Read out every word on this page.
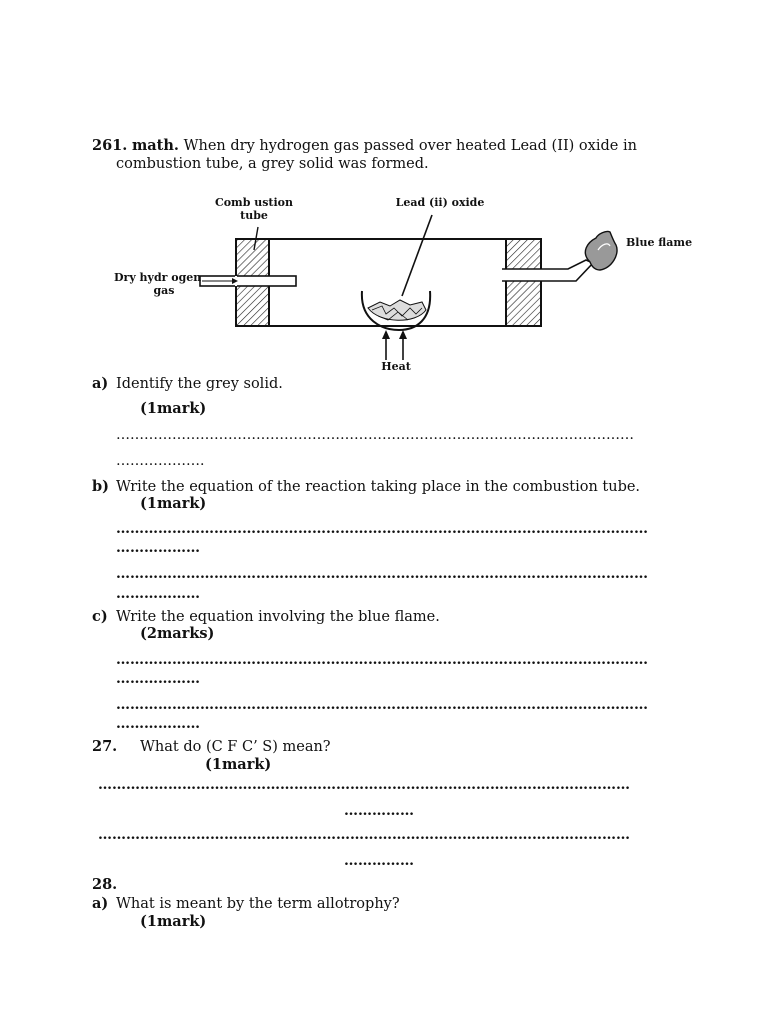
261. math. When dry hydrogen gas passed over heated Lead (II) oxide in
combustion tube, a grey solid was formed.
Comb ustion
tube
Lead (ii) oxide
Blue flame
Dry hydr ogen
gas
Heat
a) Identify the grey solid.
(1mark)
…………………………………………………………………………………………………
……………….
b) Write the equation of the reaction taking place in the combustion tube.
(1mark)
……………………………………………………………………………………………………
………………
……………………………………………………………………………………………………
………………
c) Write the equation involving the blue flame.
(2marks)
……………………………………………………………………………………………………
………………
……………………………………………………………………………………………………
………………
27. What do (C F C’ S) mean?
(1mark)
……………………………………………………………………………………………………
……………
……………………………………………………………………………………………………
……………
28.
a) What is meant by the term allotrophy?
(1mark)
